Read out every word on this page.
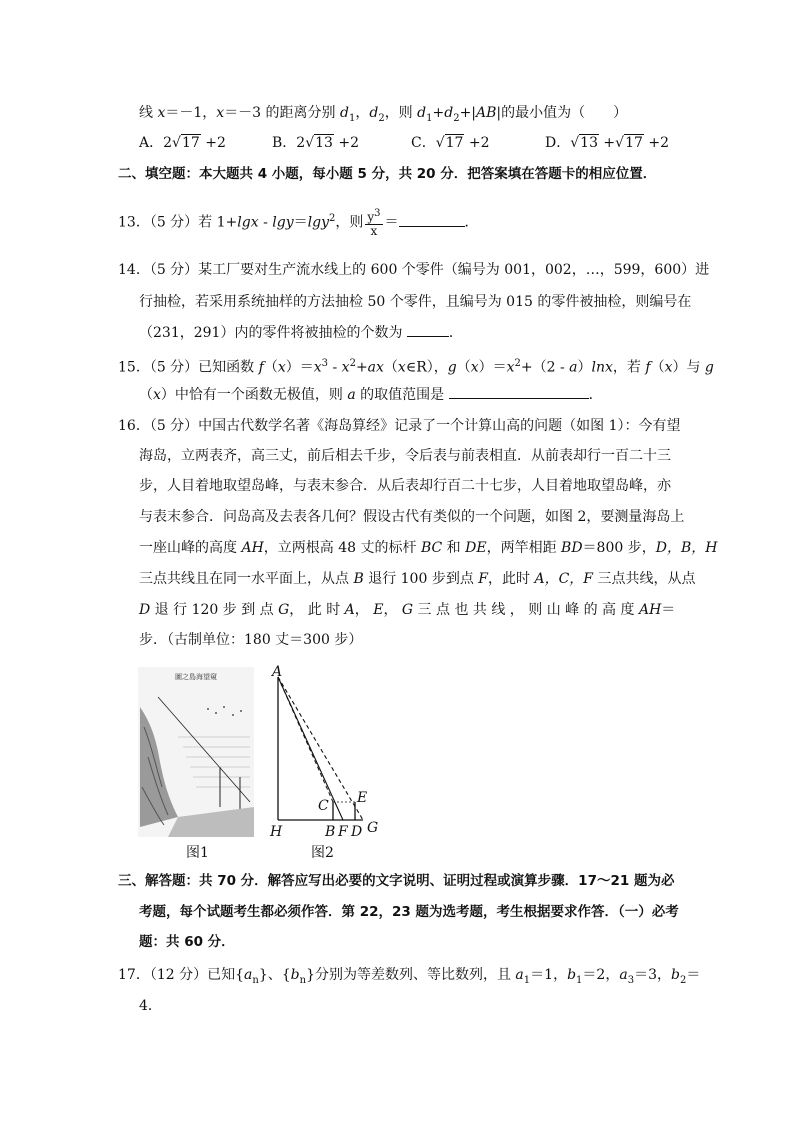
线 x＝－1，x＝－3 的距离分别 $d_1$，$d_2$，则 $d_1+d_2+|AB|$的最小值为（　　）
A．2√17 +2	B．2√13 +2	C．√17 +2	D．√13 +√17 +2
二、填空题：本大题共 4 小题，每小题 5 分，共 20 分．把答案填在答题卡的相应位置．
13．（5 分）若 1+lgx - lgy＝lgy$^2$，则 $\frac{y^3}{x}$ ＝	．
14．（5 分）某工厂要对生产流水线上的 600 个零件（编号为 001，002，…，599，600）进
行抽检，若采用系统抽样的方法抽检 50 个零件，且编号为 015 的零件被抽检，则编号在
（231，291）内的零件将被抽检的个数为	．
15．（5 分）已知函数 $f(x)=x^3$ - $x^2+ax(x\in R)$，$g(x)=x^2+(2 - a)\ln x$，若 f（x）与 g
（x）中恰有一个函数无极值，则 a 的取值范围是	．
16．（5 分）中国古代数学名著《海岛算经》记录了一个计算山高的问题（如图 1）：今有望
海岛，立两表齐，高三丈，前后相去千步，令后表与前表相直．从前表却行一百二十三
步，人目着地取望岛峰，与表末参合．从后表却行百二十七步，人目着地取望岛峰，亦
与表末参合．问岛高及去表各几何？假设古代有类似的一个问题，如图 2，要测量海岛上
一座山峰的高度 AH，立两根高 48 丈的标杆 BC 和 DE，两竿相距 BD＝800 步，D，B，H
三点共线且在同一水平面上，从点 B 退行 100 步到点 F，此时 A，C，F 三点共线，从点
D 退 行 120 步 到 点 G， 此 时 A， E， G 三 点 也 共 线 ， 则 山 峰 的 高 度 AH＝
步．（古制单位：180 丈＝300 步）
圖之島海望窺
图1
A
C E
H	B F D G
图2
三、解答题：共 70 分．解答应写出必要的文字说明、证明过程或演算步骤．17～21 题为必
考题，每个试题考生都必须作答．第 22，23 题为选考题，考生根据要求作答．（一）必考
题：共 60 分．
17．（12 分）已知$\{a_n\}$、$\{b_n\}$分别为等差数列、等比数列，且 $a_1=1$，$b_1=2$，$a_3=3$，$b_2=$
4．
